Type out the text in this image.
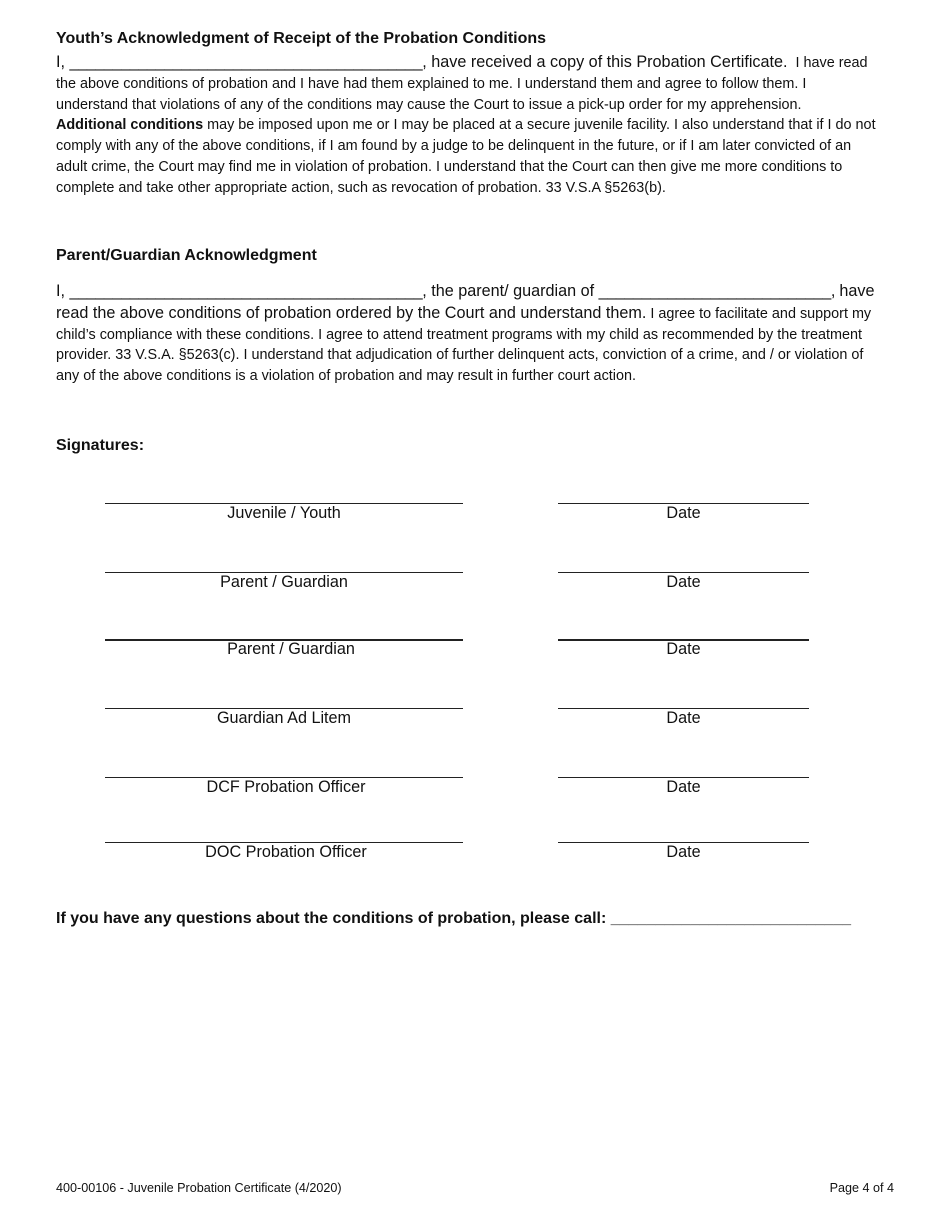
Youth’s Acknowledgment of Receipt of the Probation Conditions

I, _________________________________________, have received a copy of this Probation Certificate. I have read the above conditions of probation and I have had them explained to me. I understand them and agree to follow them. I understand that violations of any of the conditions may cause the Court to issue a pick-up order for my apprehension.  Additional conditions may be imposed upon me or I may be placed at a secure juvenile facility. I also understand that if I do not comply with any of the above conditions, if I am found by a judge to be delinquent in the future, or if I am later convicted of an adult crime, the Court may find me in violation of probation. I understand that the Court can then give me more conditions to complete and take other appropriate action, such as revocation of probation. 33 V.S.A §5263(b).

Parent/Guardian Acknowledgment

I, _________________________________________, the parent/ guardian of ___________________________, have read the above conditions of probation ordered by the Court and understand them. I agree to facilitate and support my child’s compliance with these conditions. I agree to attend treatment programs with my child as recommended by the treatment provider. 33 V.S.A. §5263(c). I understand that adjudication of further delinquent acts, conviction of a crime, and / or violation of any of the above conditions is a violation of probation and may result in further court action.

Signatures:
Juvenile / Youth	Date
Parent / Guardian	Date
Parent / Guardian	Date
Guardian Ad Litem	Date
DCF Probation Officer	Date
DOC Probation Officer	Date
If you have any questions about the conditions of probation, please call: ___________________________
400-00106 - Juvenile Probation Certificate (4/2020)	Page 4 of 4
